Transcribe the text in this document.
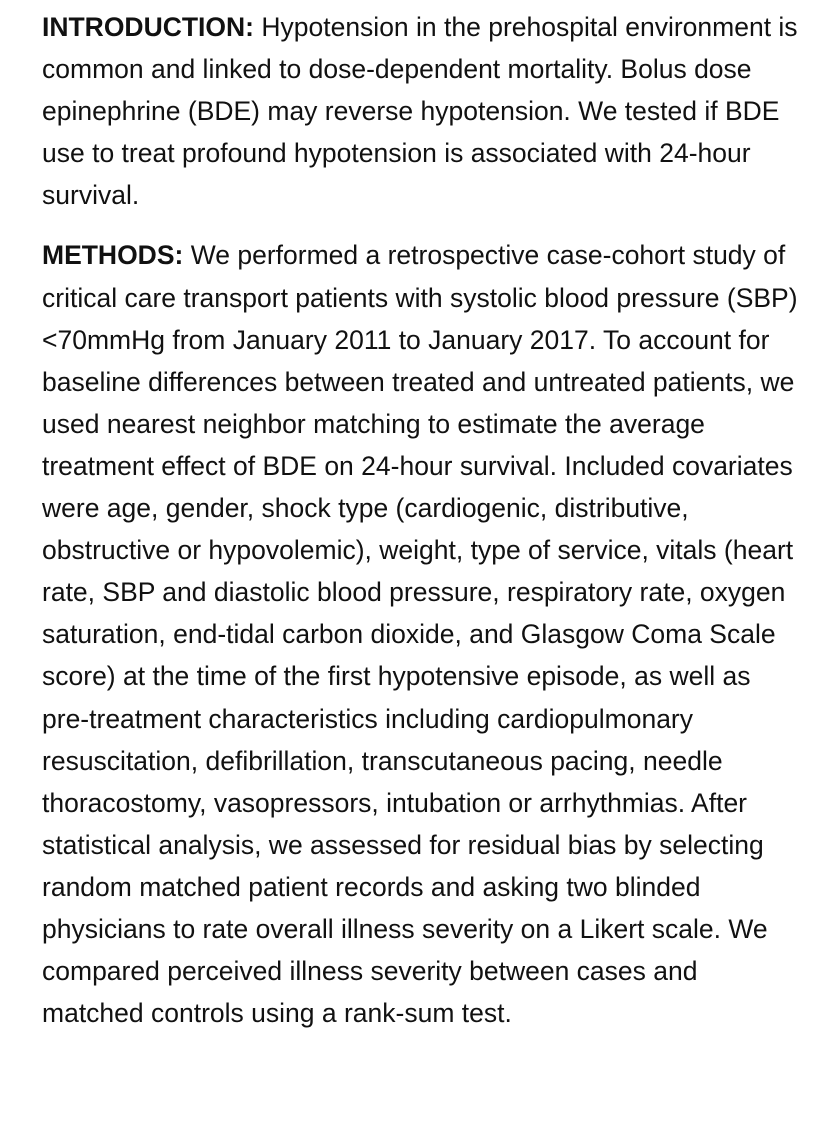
INTRODUCTION: Hypotension in the prehospital environment is common and linked to dose-dependent mortality. Bolus dose epinephrine (BDE) may reverse hypotension. We tested if BDE use to treat profound hypotension is associated with 24-hour survival.

METHODS: We performed a retrospective case-cohort study of critical care transport patients with systolic blood pressure (SBP) <70mmHg from January 2011 to January 2017. To account for baseline differences between treated and untreated patients, we used nearest neighbor matching to estimate the average treatment effect of BDE on 24-hour survival. Included covariates were age, gender, shock type (cardiogenic, distributive, obstructive or hypovolemic), weight, type of service, vitals (heart rate, SBP and diastolic blood pressure, respiratory rate, oxygen saturation, end-tidal carbon dioxide, and Glasgow Coma Scale score) at the time of the first hypotensive episode, as well as pre-treatment characteristics including cardiopulmonary resuscitation, defibrillation, transcutaneous pacing, needle thoracostomy, vasopressors, intubation or arrhythmias. After statistical analysis, we assessed for residual bias by selecting random matched patient records and asking two blinded physicians to rate overall illness severity on a Likert scale. We compared perceived illness severity between cases and matched controls using a rank-sum test.
